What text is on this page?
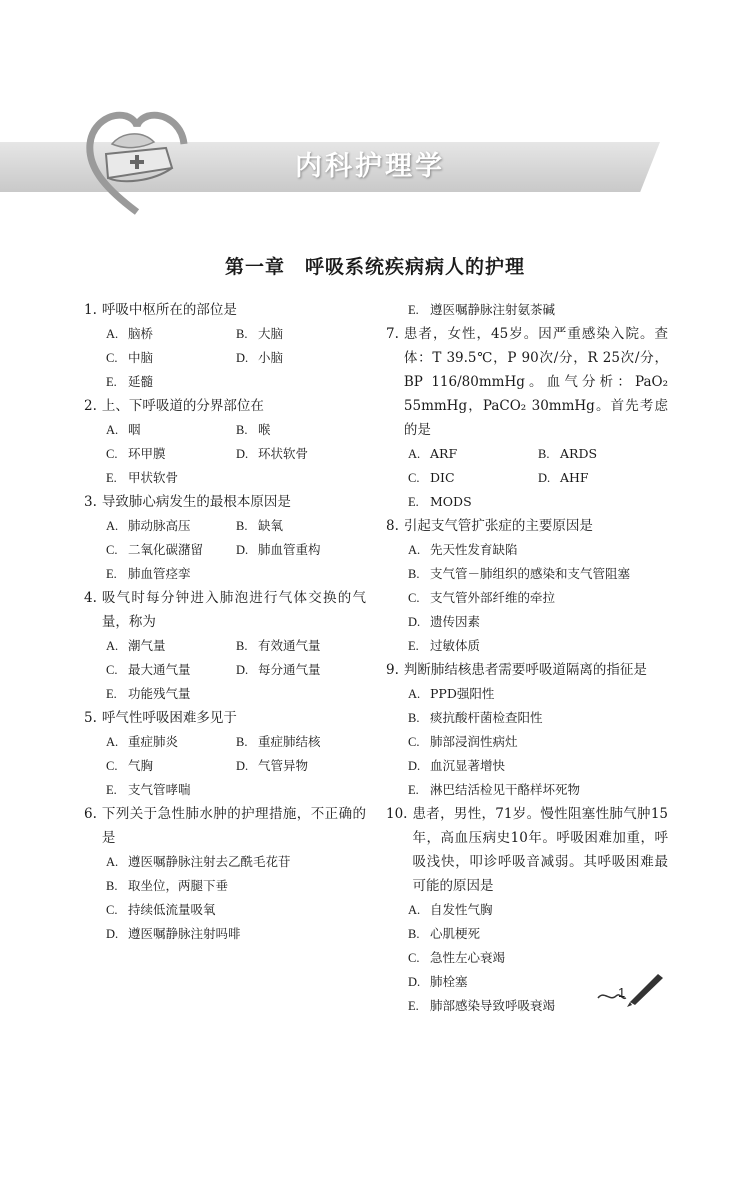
内科护理学
第一章　呼吸系统疾病病人的护理
1. 呼吸中枢所在的部位是
A. 脑桥	B. 大脑
C. 中脑	D. 小脑
E. 延髓
2. 上、下呼吸道的分界部位在
A. 咽	B. 喉
C. 环甲膜	D. 环状软骨
E. 甲状软骨
3. 导致肺心病发生的最根本原因是
A. 肺动脉高压	B. 缺氧
C. 二氧化碳潴留	D. 肺血管重构
E. 肺血管痉挛
4. 吸气时每分钟进入肺泡进行气体交换的气量，称为
A. 潮气量	B. 有效通气量
C. 最大通气量	D. 每分通气量
E. 功能残气量
5. 呼气性呼吸困难多见于
A. 重症肺炎	B. 重症肺结核
C. 气胸	D. 气管异物
E. 支气管哮喘
6. 下列关于急性肺水肿的护理措施，不正确的是
A. 遵医嘱静脉注射去乙酰毛花苷
B. 取坐位，两腿下垂
C. 持续低流量吸氧
D. 遵医嘱静脉注射吗啡
E. 遵医嘱静脉注射氨茶碱
7. 患者，女性，45岁。因严重感染入院。查体：T 39.5℃，P 90次/分，R 25次/分，BP 116/80mmHg。血气分析：PaO₂ 55mmHg，PaCO₂ 30mmHg。首先考虑的是
A. ARF	B. ARDS
C. DIC	D. AHF
E. MODS
8. 引起支气管扩张症的主要原因是
A. 先天性发育缺陷
B. 支气管－肺组织的感染和支气管阻塞
C. 支气管外部纤维的牵拉
D. 遗传因素
E. 过敏体质
9. 判断肺结核患者需要呼吸道隔离的指征是
A. PPD强阳性
B. 痰抗酸杆菌检查阳性
C. 肺部浸润性病灶
D. 血沉显著增快
E. 淋巴结活检见干酪样坏死物
10. 患者，男性，71岁。慢性阻塞性肺气肿15年，高血压病史10年。呼吸困难加重，呼吸浅快，叩诊呼吸音减弱。其呼吸困难最可能的原因是
A. 自发性气胸
B. 心肌梗死
C. 急性左心衰竭
D. 肺栓塞
E. 肺部感染导致呼吸衰竭
1
